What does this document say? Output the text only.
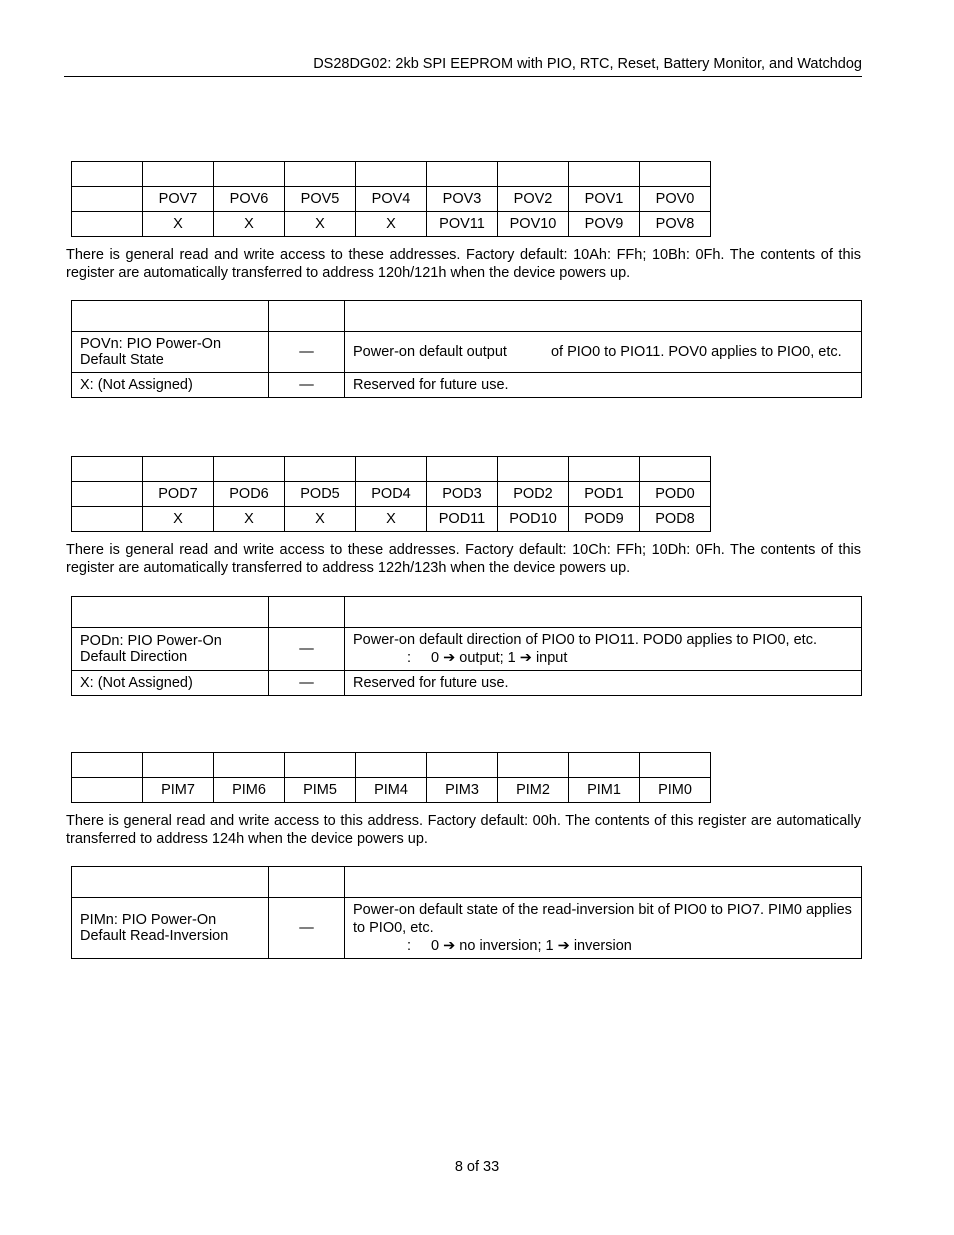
DS28DG02: 2kb SPI EEPROM with PIO, RTC, Reset, Battery Monitor, and Watchdog

	POV7	POV6	POV5	POV4	POV3	POV2	POV1	POV0
	X	X	X	X	POV11	POV10	POV9	POV8

There is general read and write access to these addresses. Factory default: 10Ah: FFh; 10Bh: 0Fh. The contents of this register are automatically transferred to address 120h/121h when the device powers up.

POVn: PIO Power-On Default State	—	Power-on default output of PIO0 to PIO11. POV0 applies to PIO0, etc.
X: (Not Assigned)	—	Reserved for future use.

	POD7	POD6	POD5	POD4	POD3	POD2	POD1	POD0
	X	X	X	X	POD11	POD10	POD9	POD8

There is general read and write access to these addresses. Factory default: 10Ch: FFh; 10Dh: 0Fh. The contents of this register are automatically transferred to address 122h/123h when the device powers up.

PODn: PIO Power-On Default Direction	—	Power-on default direction of PIO0 to PIO11. POD0 applies to PIO0, etc.
: 0 ➔ output; 1 ➔ input
X: (Not Assigned)	—	Reserved for future use.

	PIM7	PIM6	PIM5	PIM4	PIM3	PIM2	PIM1	PIM0

There is general read and write access to this address. Factory default: 00h. The contents of this register are automatically transferred to address 124h when the device powers up.

PIMn: PIO Power-On Default Read-Inversion	—	Power-on default state of the read-inversion bit of PIO0 to PIO7. PIM0 applies to PIO0, etc.
: 0 ➔ no inversion; 1 ➔ inversion
8 of 33
